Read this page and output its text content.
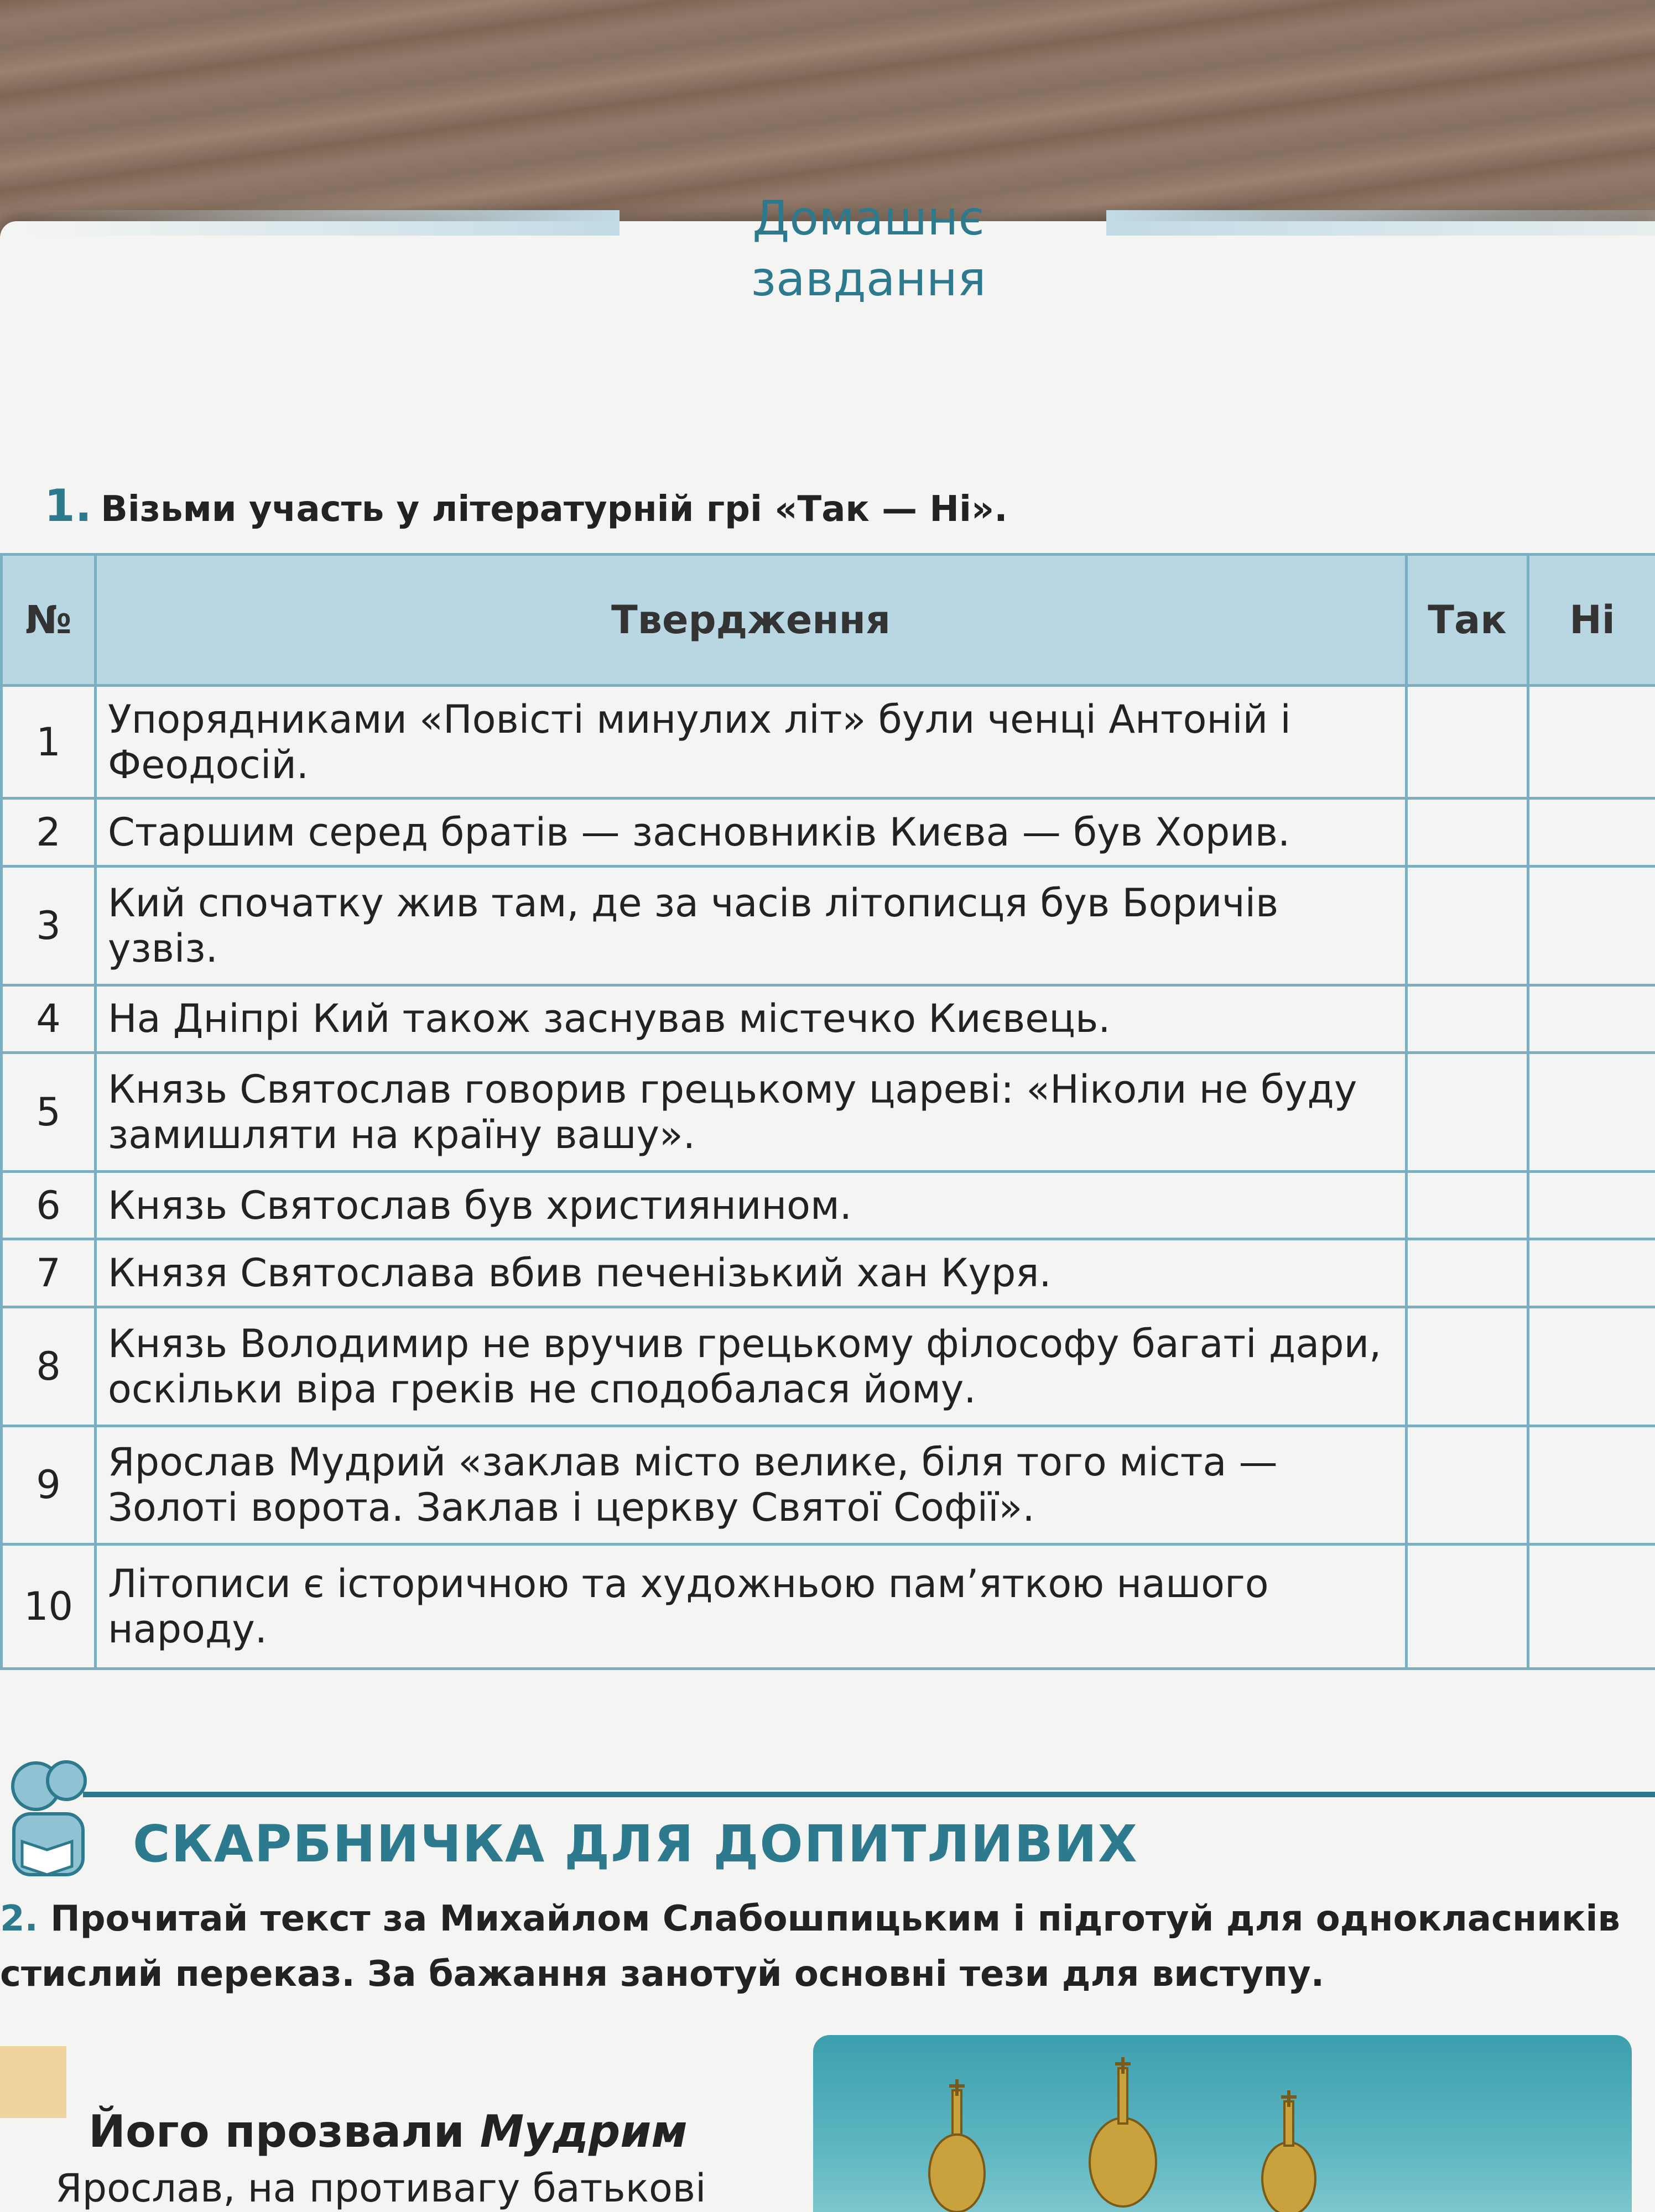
Домашнє завдання
1. Візьми участь у літературній грі «Так — Ні».
№	Твердження	Так	Ні
1	Упорядниками «Повісті минулих літ» були ченці Антоній і Феодосій.		
2	Старшим серед братів — засновників Києва — був Хорив.		
3	Кий спочатку жив там, де за часів літописця був Боричів узвіз.		
4	На Дніпрі Кий також заснував містечко Києвець.		
5	Князь Святослав говорив грецькому цареві: «Ніколи не буду замишляти на країну вашу».		
6	Князь Святослав був християнином.		
7	Князя Святослава вбив печенізький хан Куря.		
8	Князь Володимир не вручив грецькому філософу багаті дари, оскільки віра греків не сподобалася йому.		
9	Ярослав Мудрий «заклав місто велике, біля того міста — Золоті ворота. Заклав і церкву Святої Софії».		
10	Літописи є історичною та художньою пам’яткою нашого народу.		
СКАРБНИЧКА ДЛЯ ДОПИТЛИВИХ
2. Прочитай текст за Михайлом Слабошпицьким і підготуй для однокласників стислий переказ. За бажання занотуй основні тези для виступу.
Його прозвали Мудрим
Ярослав, на противагу батькові
